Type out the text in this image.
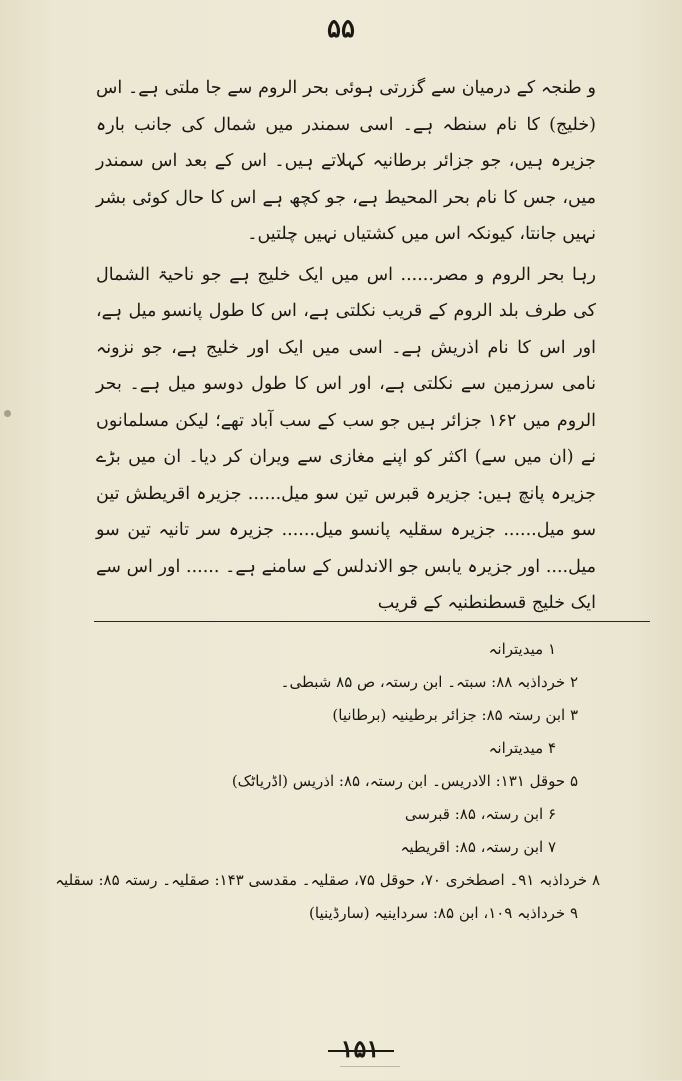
۵۵

و طنجہ کے درمیان سے گزرتی ہوئی بحر الروم سے جا ملتی ہے۔ اس (خلیج) کا نام سنطہ ہے۔ اسی سمندر میں شمال کی جانب بارہ جزیرہ ہیں، جو جزائر برطانیہ کہلاتے ہیں۔ اس کے بعد اس سمندر میں، جس کا نام بحر المحیط ہے، جو کچھ ہے اس کا حال کوئی بشر نہیں جانتا، کیونکہ اس میں کشتیاں نہیں چلتیں۔

رہا بحر الروم و مصر...... اس میں ایک خلیج ہے جو ناحیۃ الشمال کی طرف بلد الروم کے قریب نکلتی ہے، اس کا طول پانسو میل ہے، اور اس کا نام اذریش ہے۔ اسی میں ایک اور خلیج ہے، جو نزونہ نامی سرزمین سے نکلتی ہے، اور اس کا طول دوسو میل ہے۔ بحر الروم میں ۱۶۲ جزائر ہیں جو سب کے سب آباد تھے؛ لیکن مسلمانوں نے (ان میں سے) اکثر کو اپنے مغازی سے ویران کر دیا۔ ان میں بڑے جزیرہ پانچ ہیں: جزیرہ قبرس تین سو میل...... جزیرہ اقریطش تین سو میل...... جزیرہ سقلیہ پانسو میل...... جزیرہ سر تانیہ تین سو میل.... اور جزیرہ یابس جو الاندلس کے سامنے ہے۔ ...... اور اس سے ایک خلیج قسطنطنیہ کے قریب

۱ میدیترانہ
۲ خرداذبہ ۸۸: سبتہ۔ ابن رستہ، ص ۸۵ شبطی۔
۳ ابن رستہ ۸۵: جزائر برطینیہ (برطانیا)
۴ میدیترانہ
۵ حوقل ۱۳۱: الادریس۔ ابن رستہ، ۸۵: اذریس (اڈریاٹک)
۶ ابن رستہ، ۸۵: قبرسی
۷ ابن رستہ، ۸۵: اقریطیہ
۸ خرداذبہ ۹۱۔ اصطخری ۷۰، حوقل ۷۵، صقلیہ۔ مقدسی ۱۴۳: صقلیہ۔ رستہ ۸۵: سقلیہ
۹ خرداذبہ ۱۰۹، ابن ۸۵: سرداینیہ (سارڈینیا)
۱۵۱
